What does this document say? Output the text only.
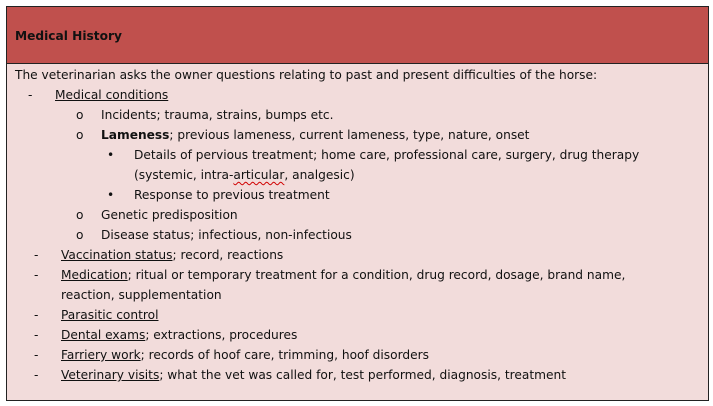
Medical History
The veterinarian asks the owner questions relating to past and present difficulties of the horse:
- Medical conditions
o Incidents; trauma, strains, bumps etc.
o Lameness; previous lameness, current lameness, type, nature, onset
• Details of pervious treatment; home care, professional care, surgery, drug therapy
(systemic, intra-articular, analgesic)
• Response to previous treatment
o Genetic predisposition
o Disease status; infectious, non-infectious
- Vaccination status; record, reactions
- Medication; ritual or temporary treatment for a condition, drug record, dosage, brand name,
reaction, supplementation
- Parasitic control
- Dental exams; extractions, procedures
- Farriery work; records of hoof care, trimming, hoof disorders
- Veterinary visits; what the vet was called for, test performed, diagnosis, treatment
